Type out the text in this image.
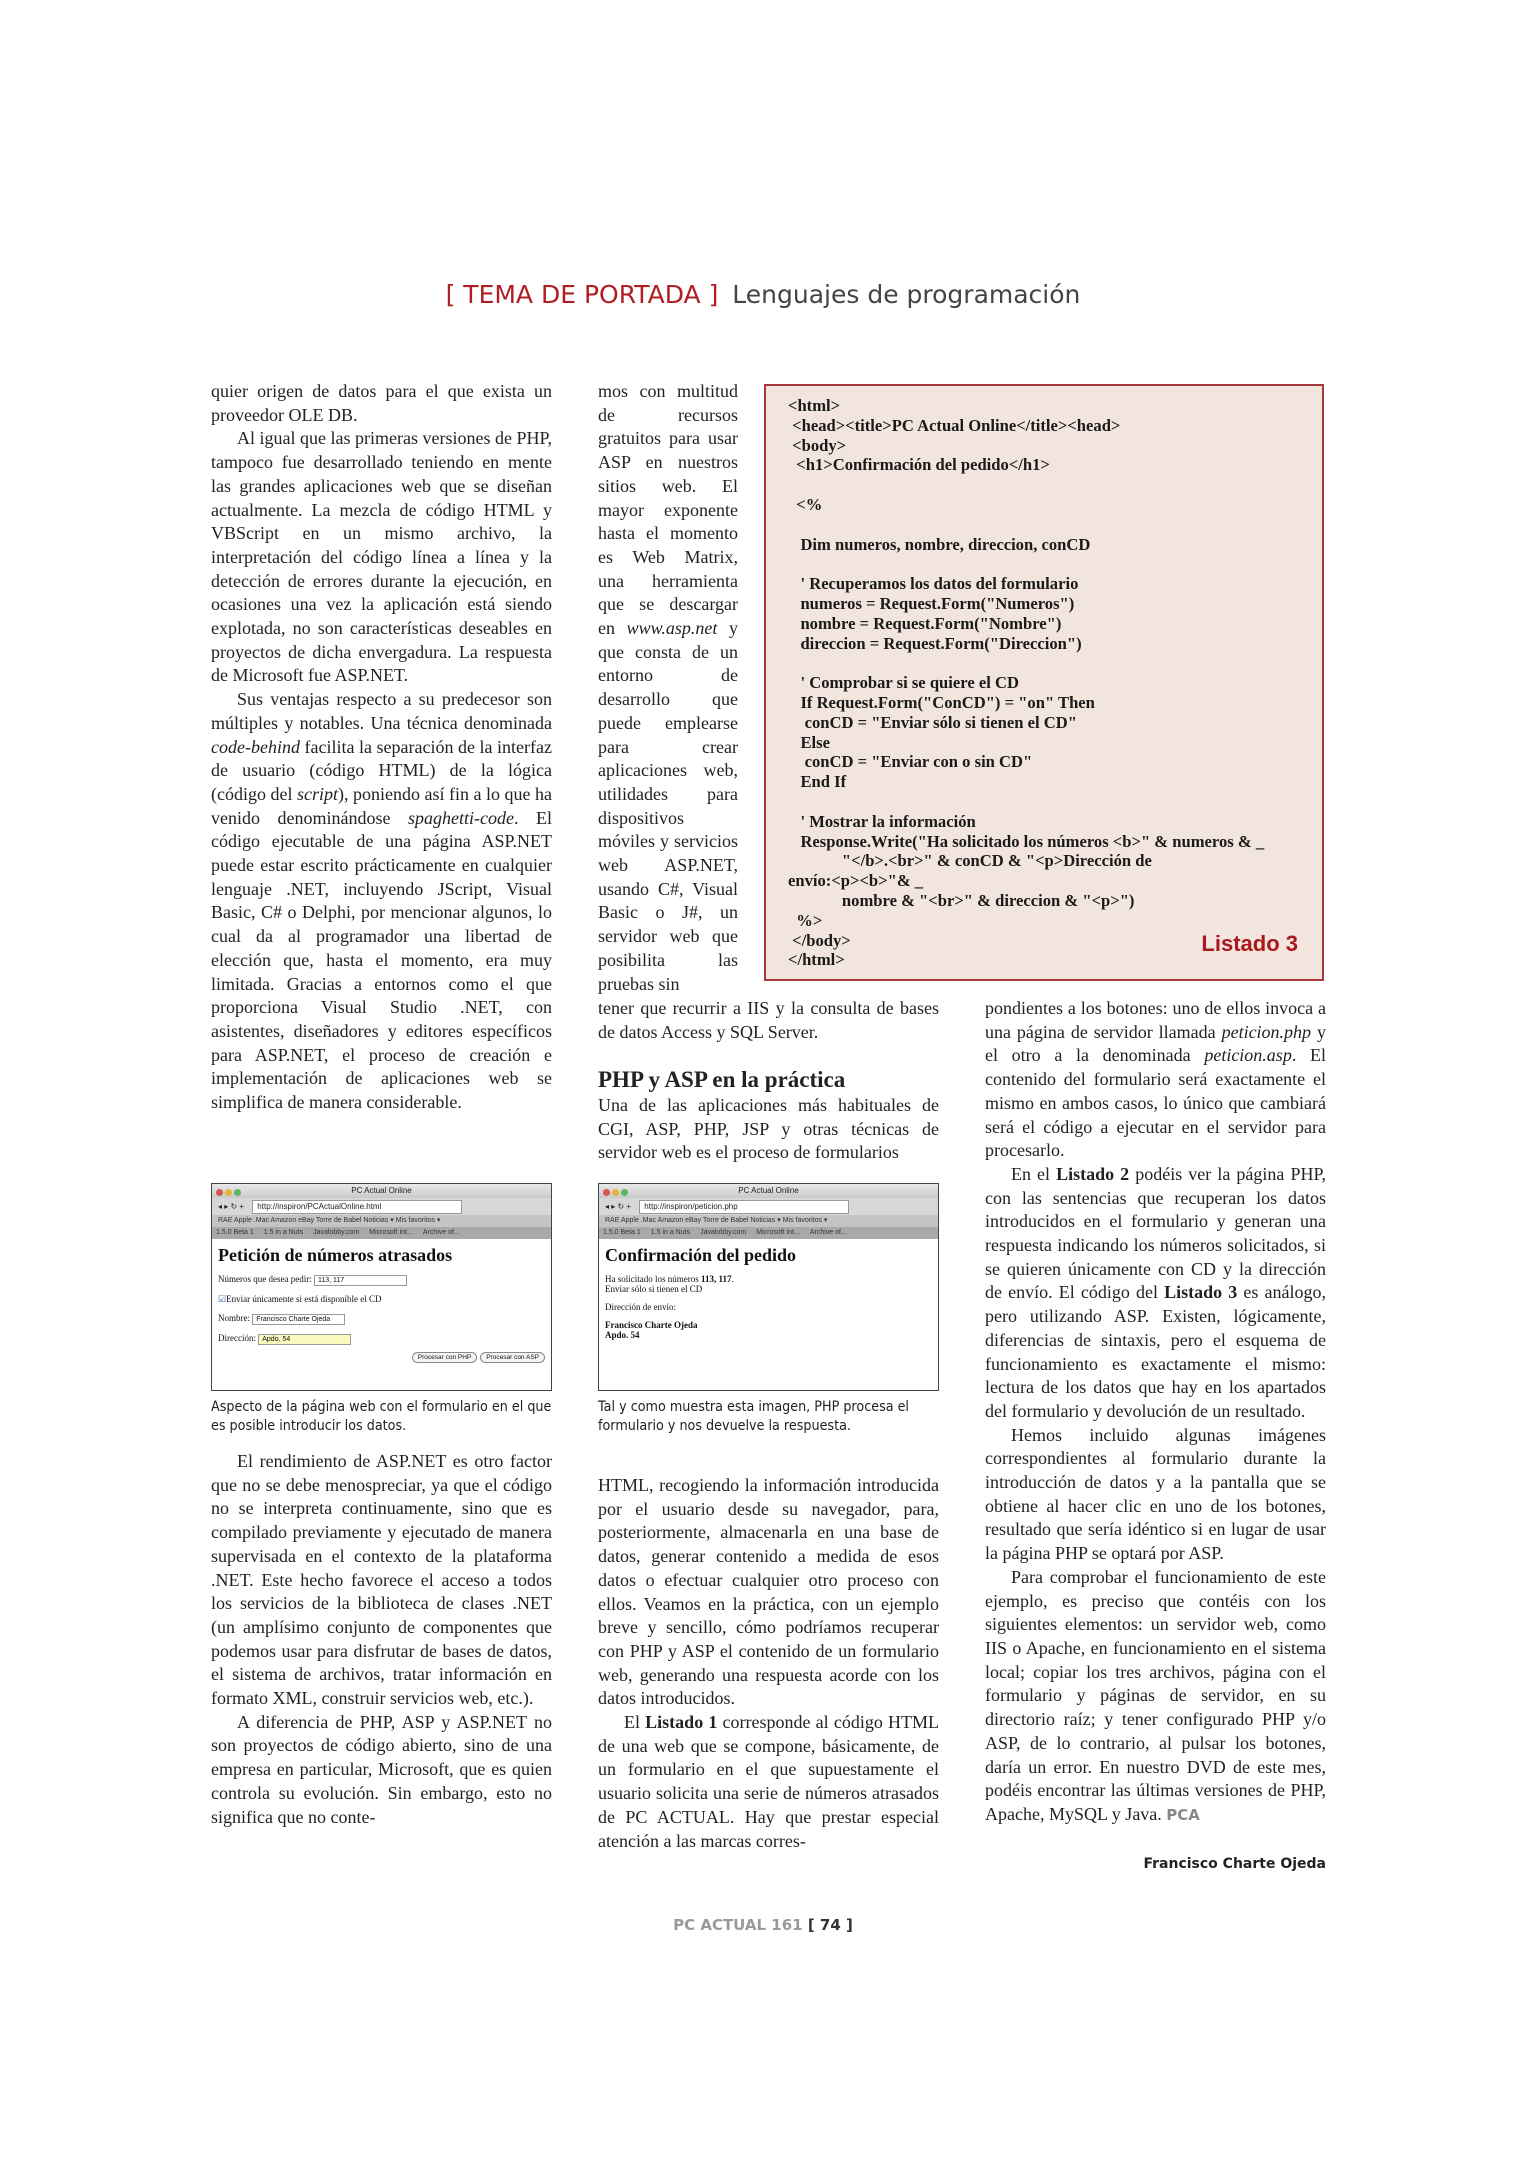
[ TEMA DE PORTADA ] Lenguajes de programación

quier origen de datos para el que exista un proveedor OLE DB.

Al igual que las primeras versiones de PHP, tampoco fue desarrollado teniendo en mente las grandes aplicaciones web que se diseñan actualmente. La mezcla de código HTML y VBScript en un mismo archivo, la interpretación del código línea a línea y la detección de errores durante la ejecución, en ocasiones una vez la aplicación está siendo explotada, no son características deseables en proyectos de dicha envergadura. La respuesta de Microsoft fue ASP.NET.

Sus ventajas respecto a su predecesor son múltiples y notables. Una técnica denominada code-behind facilita la separación de la interfaz de usuario (código HTML) de la lógica (código del script), poniendo así fin a lo que ha venido denominándose spaghetti-code. El código ejecutable de una página ASP.NET puede estar escrito prácticamente en cualquier lenguaje .NET, incluyendo JScript, Visual Basic, C# o Delphi, por mencionar algunos, lo cual da al programador una libertad de elección que, hasta el momento, era muy limitada. Gracias a entornos como el que proporciona Visual Studio .NET, con asistentes, diseñadores y editores específicos para ASP.NET, el proceso de creación e implementación de aplicaciones web se simplifica de manera considerable.

PC Actual Online
◂ ▸ ↻ + http://inspiron/PCActualOnline.html
RAE Apple .Mac Amazon eBay Torre de Babel Noticias ▾ Mis favoritos ▾
1.5.0 Beta 1 1.5 in a Nuts Javalobby.com Microsoft int... Archive of...
Petición de números atrasados
Números que desea pedir: 113, 117
☑Enviar únicamente si está disponible el CD
Nombre: Francisco Charte Ojeda
Dirección: Apdo. 54
Procesar con PHP Procesar con ASP
Aspecto de la página web con el formulario en el que es posible introducir los datos.

El rendimiento de ASP.NET es otro factor que no se debe menospreciar, ya que el código no se interpreta continuamente, sino que es compilado previamente y ejecutado de manera supervisada en el contexto de la plataforma .NET. Este hecho favorece el acceso a todos los servicios de la biblioteca de clases .NET (un amplísimo conjunto de componentes que podemos usar para disfrutar de bases de datos, el sistema de archivos, tratar información en formato XML, construir servicios web, etc.).

A diferencia de PHP, ASP y ASP.NET no son proyectos de código abierto, sino de una empresa en particular, Microsoft, que es quien controla su evolución. Sin embargo, esto no significa que no conte-

mos con multitud de recursos gratuitos para usar ASP en nuestros sitios web. El mayor exponente hasta el momento es Web Matrix, una herramienta que se descargar en www.asp.net y que consta de un entorno de desarrollo que puede emplearse para crear aplicaciones web, utilidades para dispositivos móviles y servicios web ASP.NET, usando C#, Visual Basic o J#, un servidor web que posibilita las pruebas sin

tener que recurrir a IIS y la consulta de bases de datos Access y SQL Server.

PHP y ASP en la práctica

Una de las aplicaciones más habituales de CGI, ASP, PHP, JSP y otras técnicas de servidor web es el proceso de formularios

PC Actual Online
◂ ▸ ↻ + http://inspiron/peticion.php
RAE Apple .Mac Amazon eBay Torre de Babel Noticias ▾ Mis favoritos ▾
1.5.0 Beta 1 1.5 in a Nuts Javalobby.com Microsoft int... Archive of...
Confirmación del pedido
Ha solicitado los números 113, 117.
Enviar sólo si tienen el CD
Dirección de envío:
Francisco Charte Ojeda
Apdo. 54
Tal y como muestra esta imagen, PHP procesa el formulario y nos devuelve la respuesta.

HTML, recogiendo la información introducida por el usuario desde su navegador, para, posteriormente, almacenarla en una base de datos, generar contenido a medida de esos datos o efectuar cualquier otro proceso con ellos. Veamos en la práctica, con un ejemplo breve y sencillo, cómo podríamos recuperar con PHP y ASP el contenido de un formulario web, generando una respuesta acorde con los datos introducidos.

El Listado 1 corresponde al código HTML de una web que se compone, básicamente, de un formulario en el que supuestamente el usuario solicita una serie de números atrasados de PC ACTUAL. Hay que prestar especial atención a las marcas corres-

<html>
<head><title>PC Actual Online</title><head>
<body>
<h1>Confirmación del pedido</h1>

<%

Dim numeros, nombre, direccion, conCD

' Recuperamos los datos del formulario
numeros = Request.Form("Numeros")
nombre = Request.Form("Nombre")
direccion = Request.Form("Direccion")

' Comprobar si se quiere el CD
If Request.Form("ConCD") = "on" Then
conCD = "Enviar sólo si tienen el CD"
Else
conCD = "Enviar con o sin CD"
End If

' Mostrar la información
Response.Write("Ha solicitado los números <b>" & numeros & _
"</b>.<br>" & conCD & "<p>Dirección de
envío:<p><b>"& _
nombre & "<br>" & direccion & "<p>")
%>
</body>
</html>
Listado 3

pondientes a los botones: uno de ellos invoca a una página de servidor llamada peticion.php y el otro a la denominada peticion.asp. El contenido del formulario será exactamente el mismo en ambos casos, lo único que cambiará será el código a ejecutar en el servidor para procesarlo.

En el Listado 2 podéis ver la página PHP, con las sentencias que recuperan los datos introducidos en el formulario y generan una respuesta indicando los números solicitados, si se quieren únicamente con CD y la dirección de envío. El código del Listado 3 es análogo, pero utilizando ASP. Existen, lógicamente, diferencias de sintaxis, pero el esquema de funcionamiento es exactamente el mismo: lectura de los datos que hay en los apartados del formulario y devolución de un resultado.

Hemos incluido algunas imágenes correspondientes al formulario durante la introducción de datos y a la pantalla que se obtiene al hacer clic en uno de los botones, resultado que sería idéntico si en lugar de usar la página PHP se optará por ASP.

Para comprobar el funcionamiento de este ejemplo, es preciso que contéis con los siguientes elementos: un servidor web, como IIS o Apache, en funcionamiento en el sistema local; copiar los tres archivos, página con el formulario y páginas de servidor, en su directorio raíz; y tener configurado PHP y/o ASP, de lo contrario, al pulsar los botones, daría un error. En nuestro DVD de este mes, podéis encontrar las últimas versiones de PHP, Apache, MySQL y Java. PCA

Francisco Charte Ojeda
PC ACTUAL 161 [ 74 ]
